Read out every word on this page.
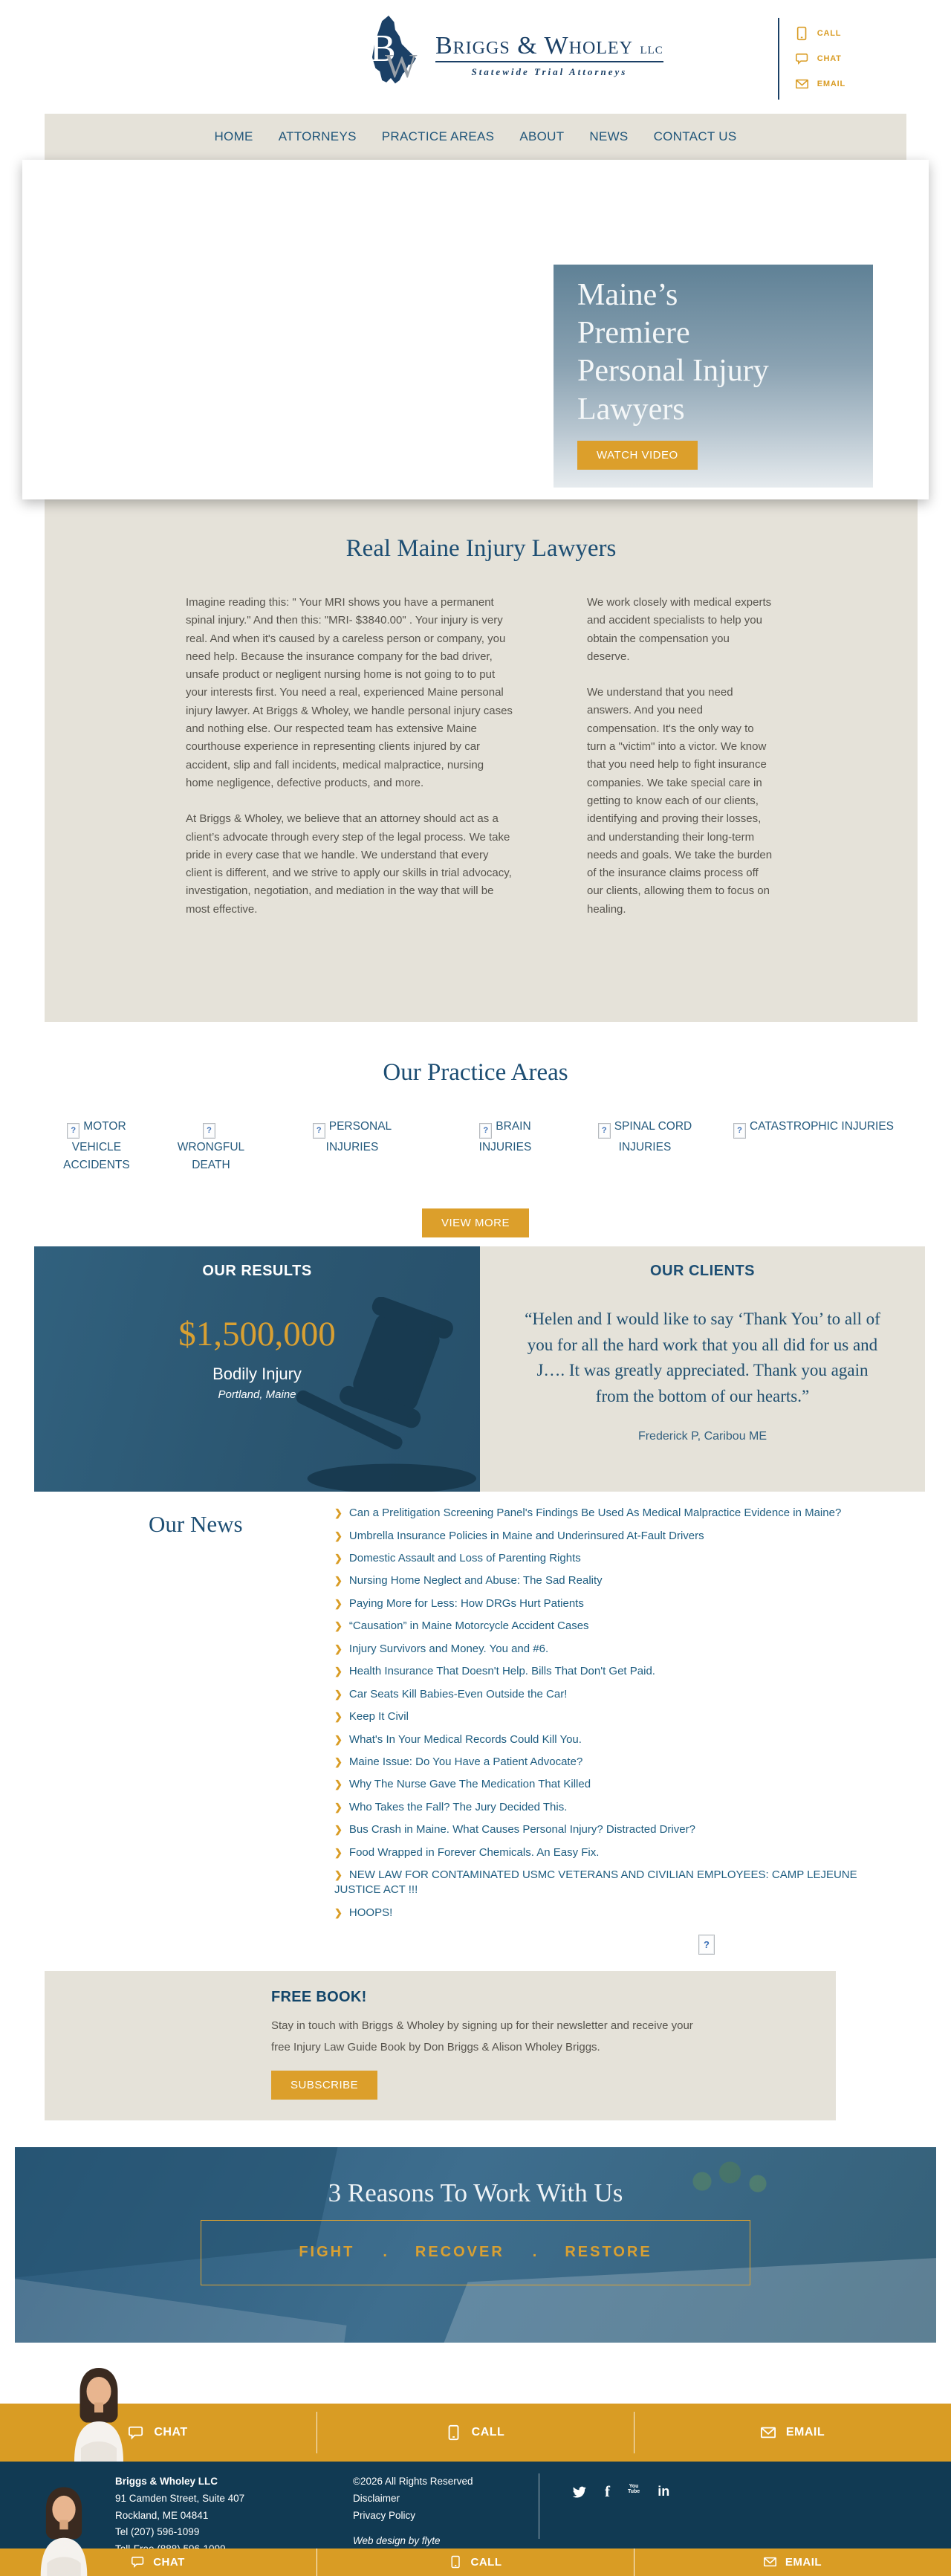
B
W
Briggs & Wholey llc
Statewide Trial Attorneys
CALL
CHAT
EMAIL
HOME ATTORNEYS PRACTICE AREAS ABOUT NEWS CONTACT US
Maine’s
Premiere
Personal Injury
Lawyers
WATCH VIDEO
Real Maine Injury Lawyers

Imagine reading this: " Your MRI shows you have a permanent spinal injury." And then this: "MRI- $3840.00" . Your injury is very real. And when it's caused by a careless person or company, you need help. Because the insurance company for the bad driver, unsafe product or negligent nursing home is not going to to put your interests first. You need a real, experienced Maine personal injury lawyer. At Briggs & Wholey, we handle personal injury cases and nothing else. Our respected team has extensive Maine courthouse experience in representing clients injured by car accident, slip and fall incidents, medical malpractice, nursing home negligence, defective products, and more.

At Briggs & Wholey, we believe that an attorney should act as a client’s advocate through every step of the legal process. We take pride in every case that we handle. We understand that every client is different, and we strive to apply our skills in trial advocacy, investigation, negotiation, and mediation in the way that will be most effective.

We work closely with medical experts and accident specialists to help you obtain the compensation you deserve.

We understand that you need answers. And you need compensation. It's the only way to turn a "victim" into a victor. We know that you need help to fight insurance companies. We take special care in getting to know each of our clients, identifying and proving their losses, and understanding their long-term needs and goals. We take the burden of the insurance claims process off our clients, allowing them to focus on healing.

Our Practice Areas
?MOTOR VEHICLE ACCIDENTS
?WRONGFUL DEATH
?PERSONAL INJURIES
?BRAIN INJURIES
?SPINAL CORD INJURIES
?CATASTROPHIC INJURIES
VIEW MORE
OUR RESULTS
$1,500,000
Bodily Injury
Portland, Maine
OUR CLIENTS
“Helen and I would like to say ‘Thank You’ to all of you for all the hard work that you all did for us and J…. It was greatly appreciated. Thank you again from the bottom of our hearts.”
Frederick P, Caribou ME
Our News	❯ Can a Prelitigation Screening Panel's Findings Be Used As Medical Malpractice Evidence in Maine?
❯ Umbrella Insurance Policies in Maine and Underinsured At-Fault Drivers
❯ Domestic Assault and Loss of Parenting Rights
❯ Nursing Home Neglect and Abuse: The Sad Reality
❯ Paying More for Less: How DRGs Hurt Patients
❯ “Causation” in Maine Motorcycle Accident Cases
❯ Injury Survivors and Money. You and #6.
❯ Health Insurance That Doesn't Help. Bills That Don't Get Paid.
❯ Car Seats Kill Babies-Even Outside the Car!
❯ Keep It Civil
❯ What's In Your Medical Records Could Kill You.
❯ Maine Issue: Do You Have a Patient Advocate?
❯ Why The Nurse Gave The Medication That Killed
❯ Who Takes the Fall? The Jury Decided This.
❯ Bus Crash in Maine. What Causes Personal Injury? Distracted Driver?
❯ Food Wrapped in Forever Chemicals. An Easy Fix.
❯ NEW LAW FOR CONTAMINATED USMC VETERANS AND CIVILIAN EMPLOYEES: CAMP LEJEUNE JUSTICE ACT !!!
❯ HOOPS!
?
FREE BOOK!

Stay in touch with Briggs & Wholey by signing up for their newsletter and receive your free Injury Law Guide Book by Don Briggs & Alison Wholey Briggs.

SUBSCRIBE
3 Reasons To Work With Us
FIGHT . RECOVER . RESTORE
CHAT	CALL	EMAIL
Briggs & Wholey LLC
91 Camden Street, Suite 407
Rockland, ME 04841
Tel (207) 596-1099
©2026 All Rights Reserved
Disclaimer
Privacy Policy
Web design by flyte
f	You
Tube in
CHAT	CALL	EMAIL
